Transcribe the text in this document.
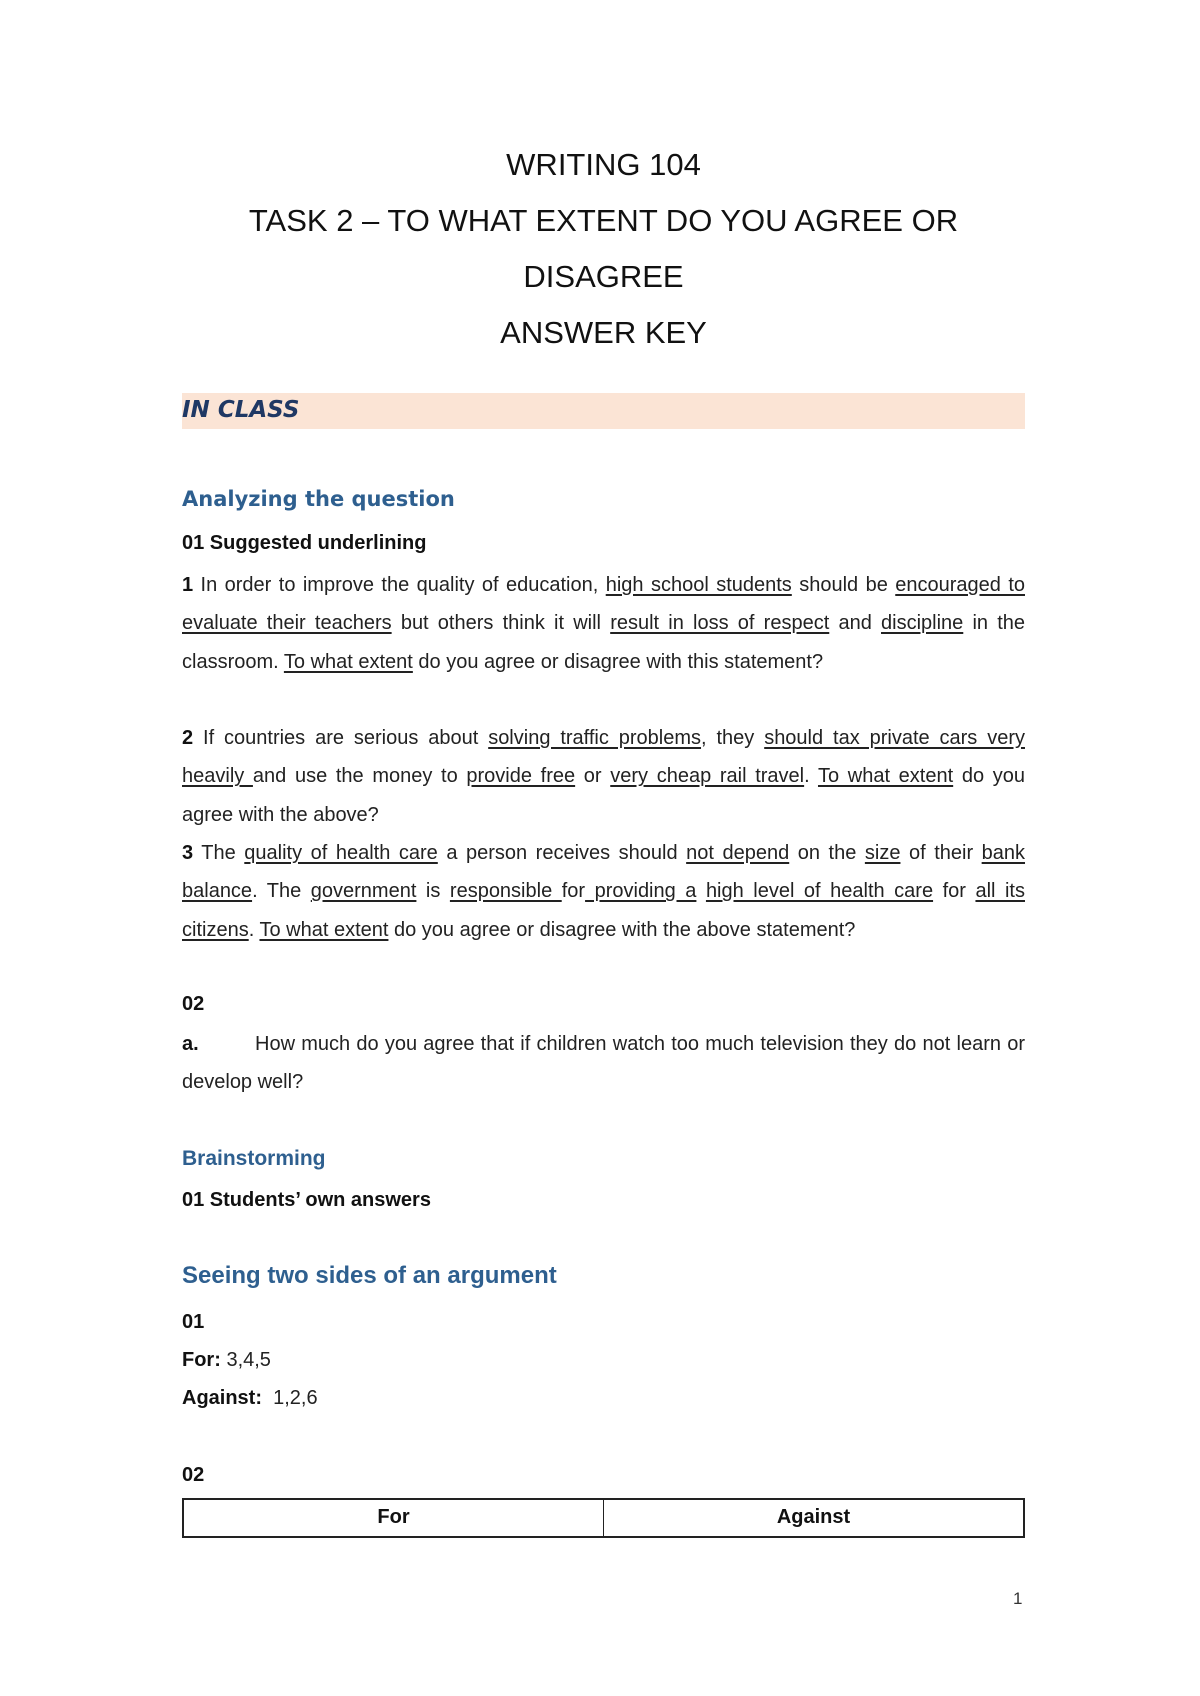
WRITING 104
TASK 2 – TO WHAT EXTENT DO YOU AGREE OR
DISAGREE
ANSWER KEY
IN CLASS
Analyzing the question
01 Suggested underlining
1 In order to improve the quality of education, high school students should be encouraged to evaluate their teachers but others think it will result in loss of respect and discipline in the classroom. To what extent do you agree or disagree with this statement?
2 If countries are serious about solving traffic problems, they should tax private cars very heavily and use the money to provide free or very cheap rail travel. To what extent do you agree with the above?
3 The quality of health care a person receives should not depend on the size of their bank balance. The government is responsible for providing a high level of health care for all its citizens. To what extent do you agree or disagree with the above statement?
02
a.	How much do you agree that if children watch too much television they do not learn or develop well?
Brainstorming
01 Students’ own answers
Seeing two sides of an argument
01
For: 3,4,5
Against:  1,2,6
02
For	Against
1
